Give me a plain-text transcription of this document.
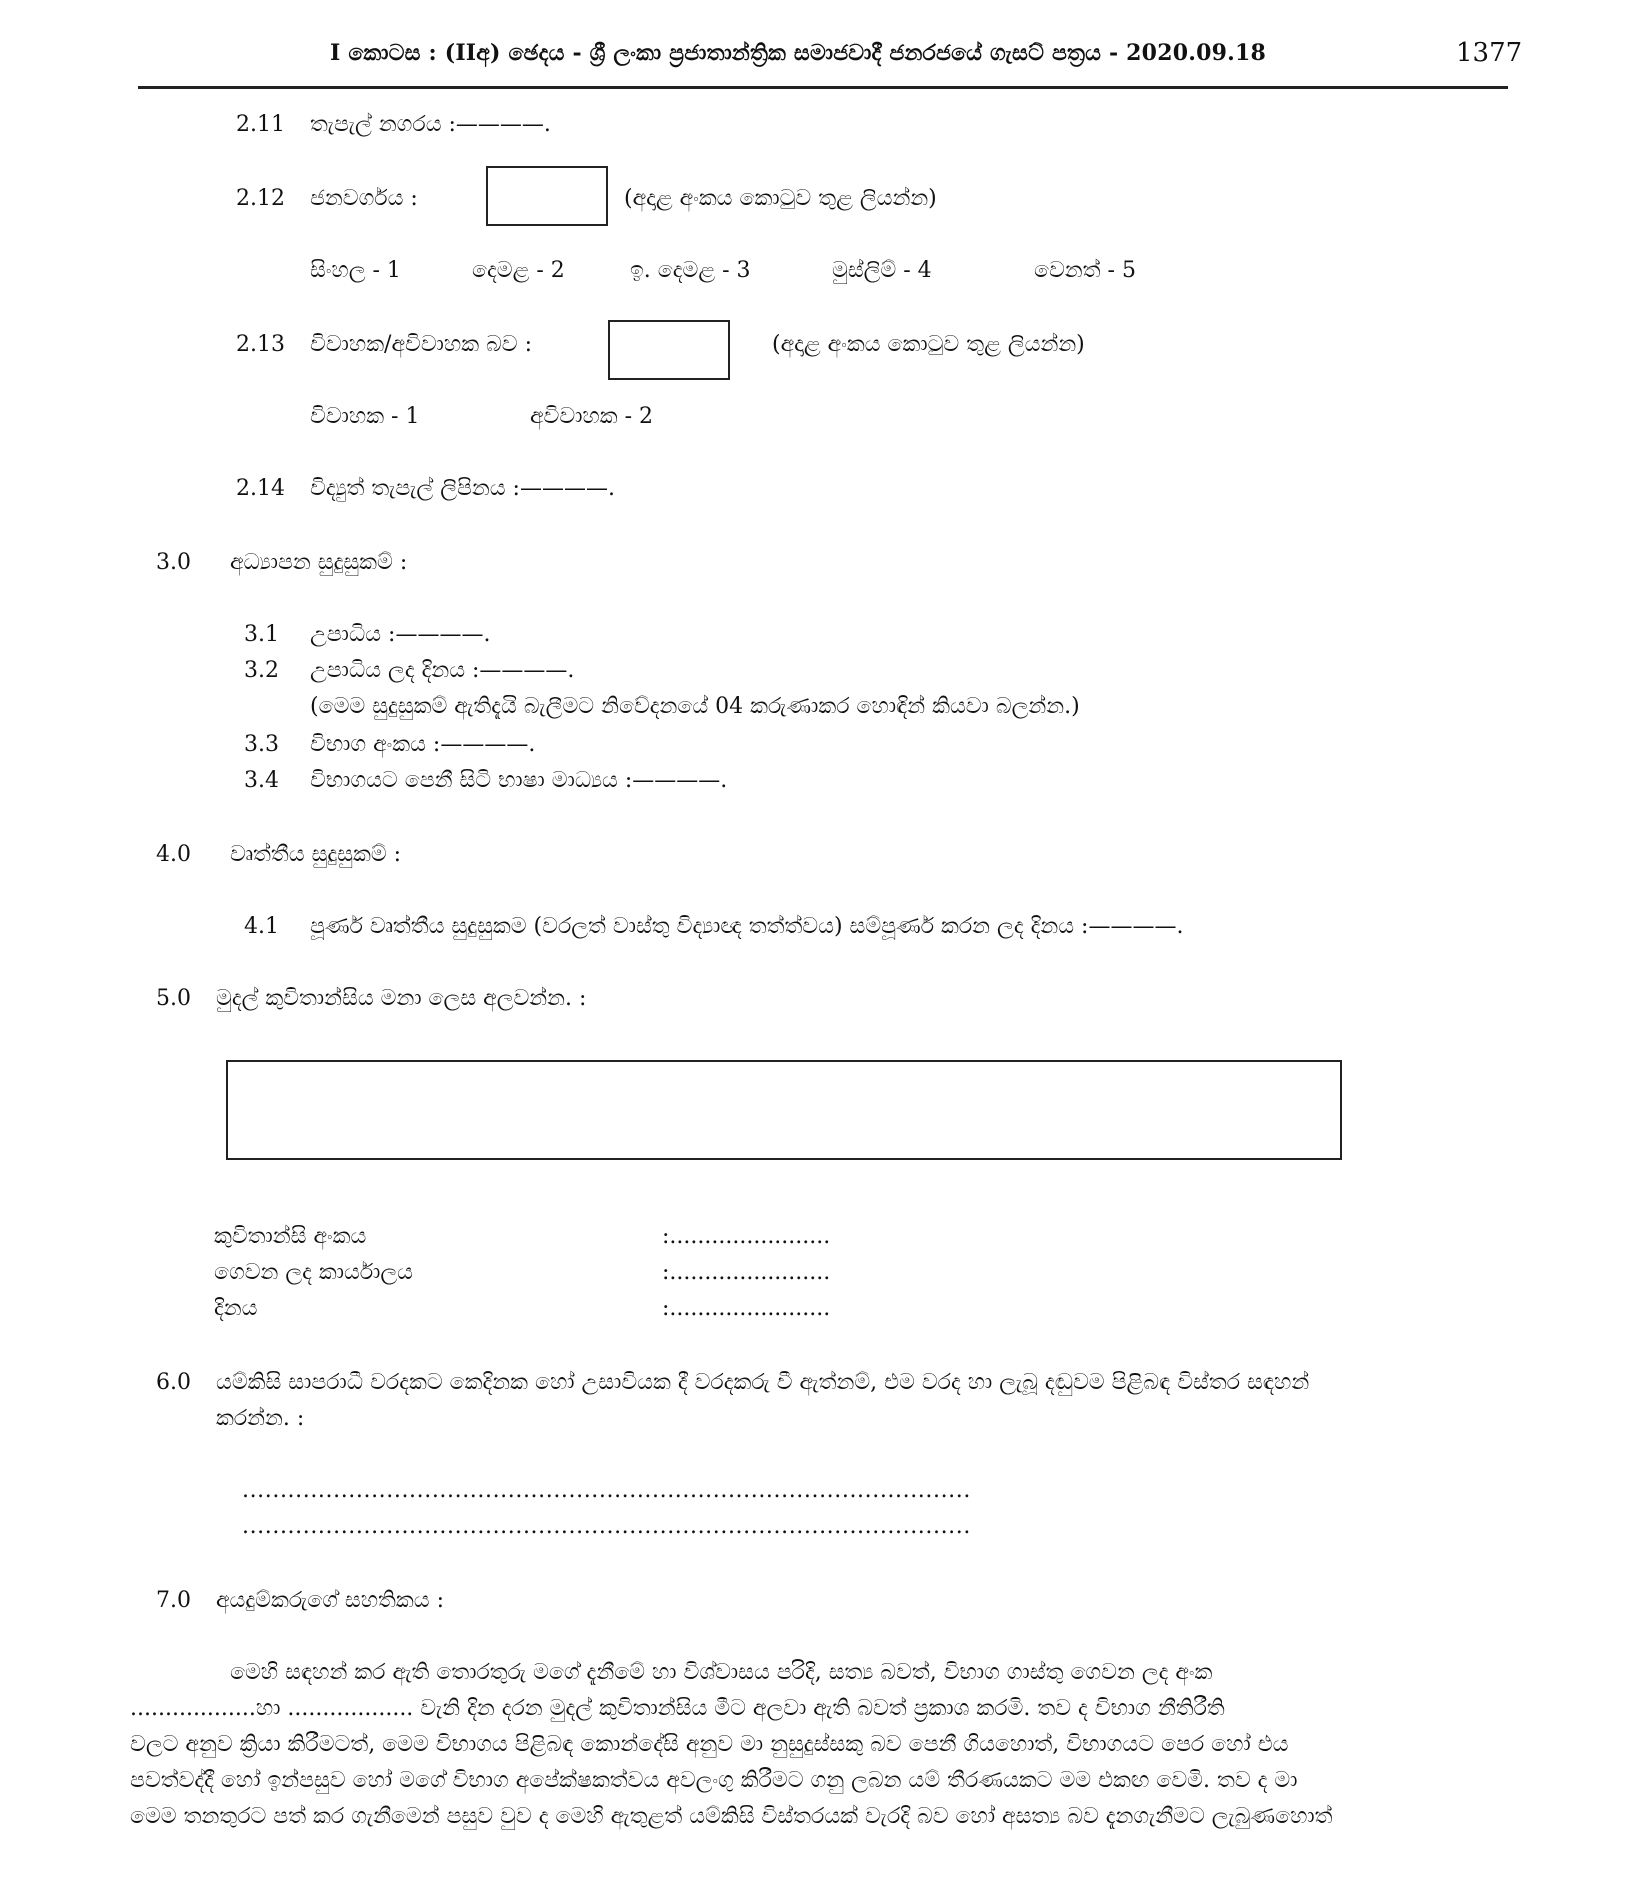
I කොටස : (IIඅ) ඡෙදය - ශ්‍රී ලංකා ප්‍රජාතාන්ත්‍රික සමාජවාදී ජනරජයේ ගැසට් පත්‍රය - 2020.09.18	1377
2.11 තැපැල් නගරය :————.
2.12 ජනවර්ගය :	(අදාළ අංකය කොටුව තුළ ලියන්න)
සිංහල - 1	දෙමළ - 2	ඉ. දෙමළ - 3	මුස්ලිම් - 4	වෙනත් - 5
2.13 විවාහක/අවිවාහක බව :	(අදාළ අංකය කොටුව තුළ ලියන්න)
විවාහක - 1	අවිවාහක - 2
2.14 විද්‍යුත් තැපැල් ලිපිනය :————.
3.0 අධ්‍යාපන සුදුසුකම් :
3.1 උපාධිය :————.
3.2 උපාධිය ලද දිනය :————.
(මෙම සුදුසුකම් ඇතිදැයි බැලීමට නිවේදනයේ 04 කරුණාකර හොඳින් කියවා බලන්න.)
3.3 විභාග අංකය :————.
3.4 විභාගයට පෙනී සිටි භාෂා මාධ්‍යය :————.
4.0 වෘත්තීය සුදුසුකම් :
4.1 පූර්ණ වෘත්තීය සුදුසුකම (වරලත් වාස්තු විද්‍යාඥ තත්ත්වය) සම්පූර්ණ කරන ලද දිනය :————.
5.0 මුදල් කුවිතාන්සිය මනා ලෙස අලවන්න. :
කුවිතාන්සි අංකය	:.......................
ගෙවන ලද කාර්යාලය	:.......................
දිනය	:.......................
6.0 යම්කිසි සාපරාධී වරදකට කෙදිනක හෝ උසාවියක දී වරදකරු වී ඇත්නම්, එම වරද හා ලැබූ දඬුවම පිළිබඳ විස්තර සඳහන්
කරන්න. :
................................................................................................
................................................................................................
7.0 අයදුම්කරුගේ සහතිකය :
මෙහි සඳහන් කර ඇති තොරතුරු මගේ දැනීමේ හා විශ්වාසය පරිදි, සත්‍ය බවත්, විභාග ගාස්තු ගෙවන ලද අංක
..................හා .................. වැනි දින දරන මුදල් කුවිතාන්සිය මීට අලවා ඇති බවත් ප්‍රකාශ කරමි. තව ද විභාග නීතිරීති
වලට අනුව ක්‍රියා කිරීමටත්, මෙම විභාගය පිළිබඳ කොන්දේසි අනුව මා නුසුදුස්සකු බව පෙනී ගියහොත්, විභාගයට පෙර හෝ එය
පවත්වද්දී හෝ ඉන්පසුව හෝ මගේ විභාග අපේක්ෂකත්වය අවලංගු කිරීමට ගනු ලබන යම් තීරණයකට මම එකඟ වෙමි. තව ද මා
මෙම තනතුරට පත් කර ගැනීමෙන් පසුව වුව ද මෙහි ඇතුළත් යම්කිසි විස්තරයක් වැරදි බව හෝ අසත්‍ය බව දැනගැනීමට ලැබුණහොත්
